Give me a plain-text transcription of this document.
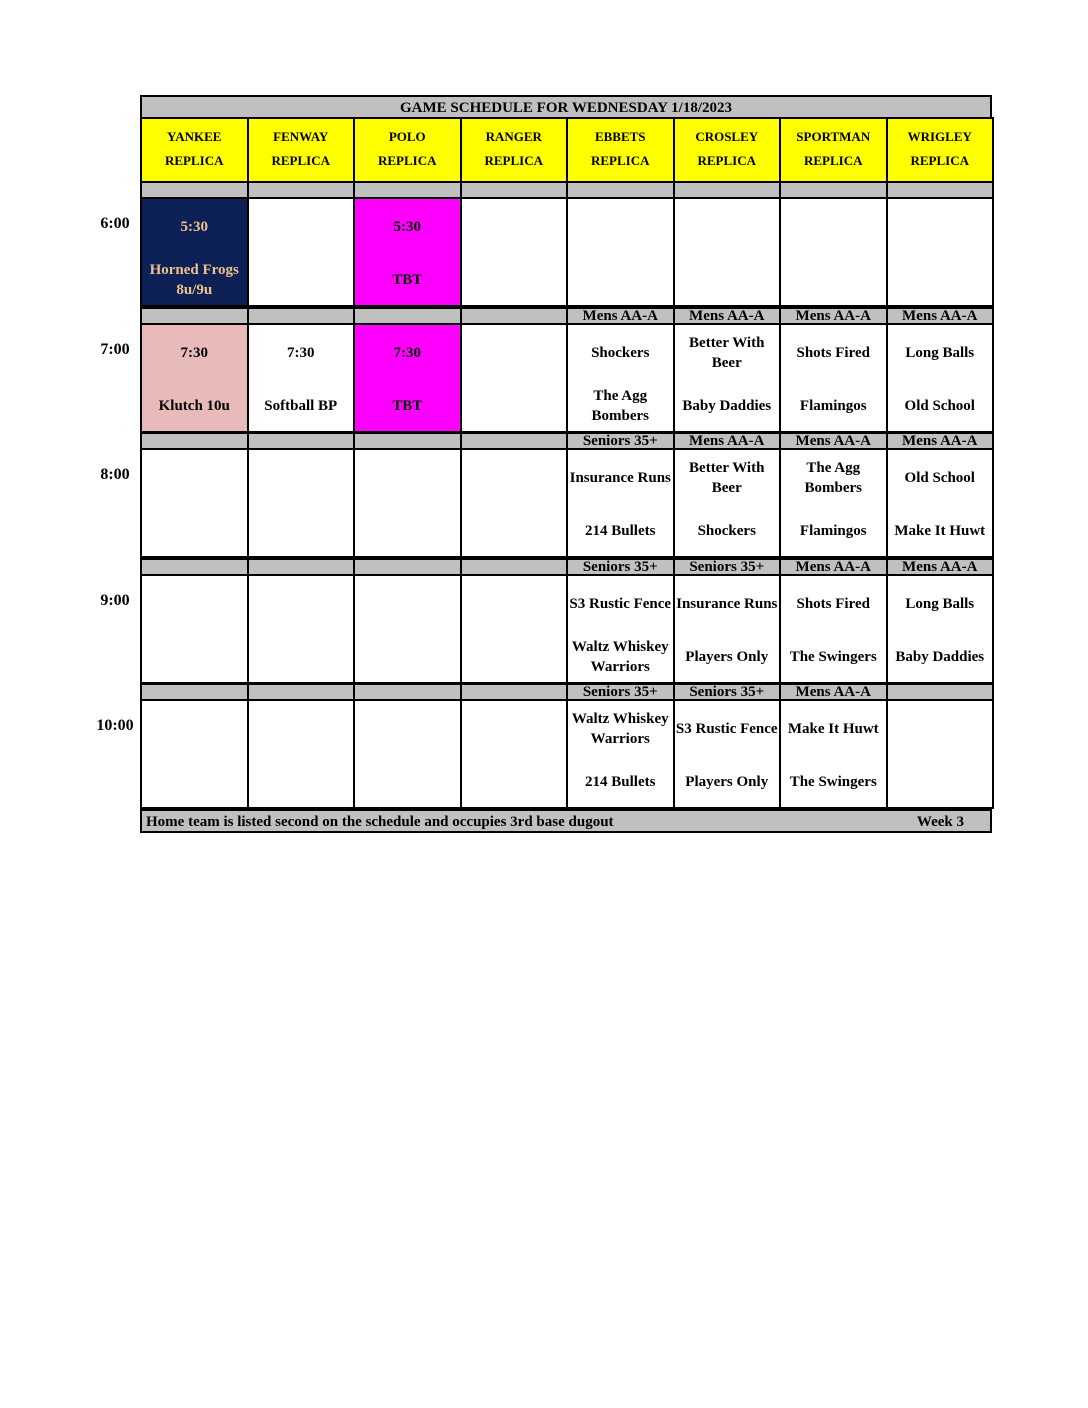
GAME SCHEDULE FOR WEDNESDAY 1/18/2023
YANKEE
REPLICA
FENWAY
REPLICA
POLO
REPLICA
RANGER
REPLICA
EBBETS
REPLICA
CROSLEY
REPLICA
SPORTMAN
REPLICA
WRIGLEY
REPLICA
5:30
Horned Frogs 8u/9u
5:30
TBT
7:30
Klutch 10u
7:30
Softball BP
7:30
TBT
Mens AA-A
Shockers
The Agg Bombers
Mens AA-A
Better With Beer
Baby Daddies
Mens AA-A
Shots Fired
Flamingos
Mens AA-A
Long Balls
Old School
Seniors 35+
Insurance Runs
214 Bullets
Mens AA-A
Better With Beer
Shockers
Mens AA-A
The Agg Bombers
Flamingos
Mens AA-A
Old School
Make It Huwt
Seniors 35+
S3 Rustic Fence
Waltz Whiskey Warriors
Seniors 35+
Insurance Runs
Players Only
Mens AA-A
Shots Fired
The Swingers
Mens AA-A
Long Balls
Baby Daddies
Seniors 35+
Waltz Whiskey Warriors
214 Bullets
Seniors 35+
S3 Rustic Fence
Players Only
Mens AA-A
Make It Huwt
The Swingers
Home team is listed second on the schedule and occupies 3rd base dugout	Week 3
6:00
7:00
8:00
9:00
10:00
